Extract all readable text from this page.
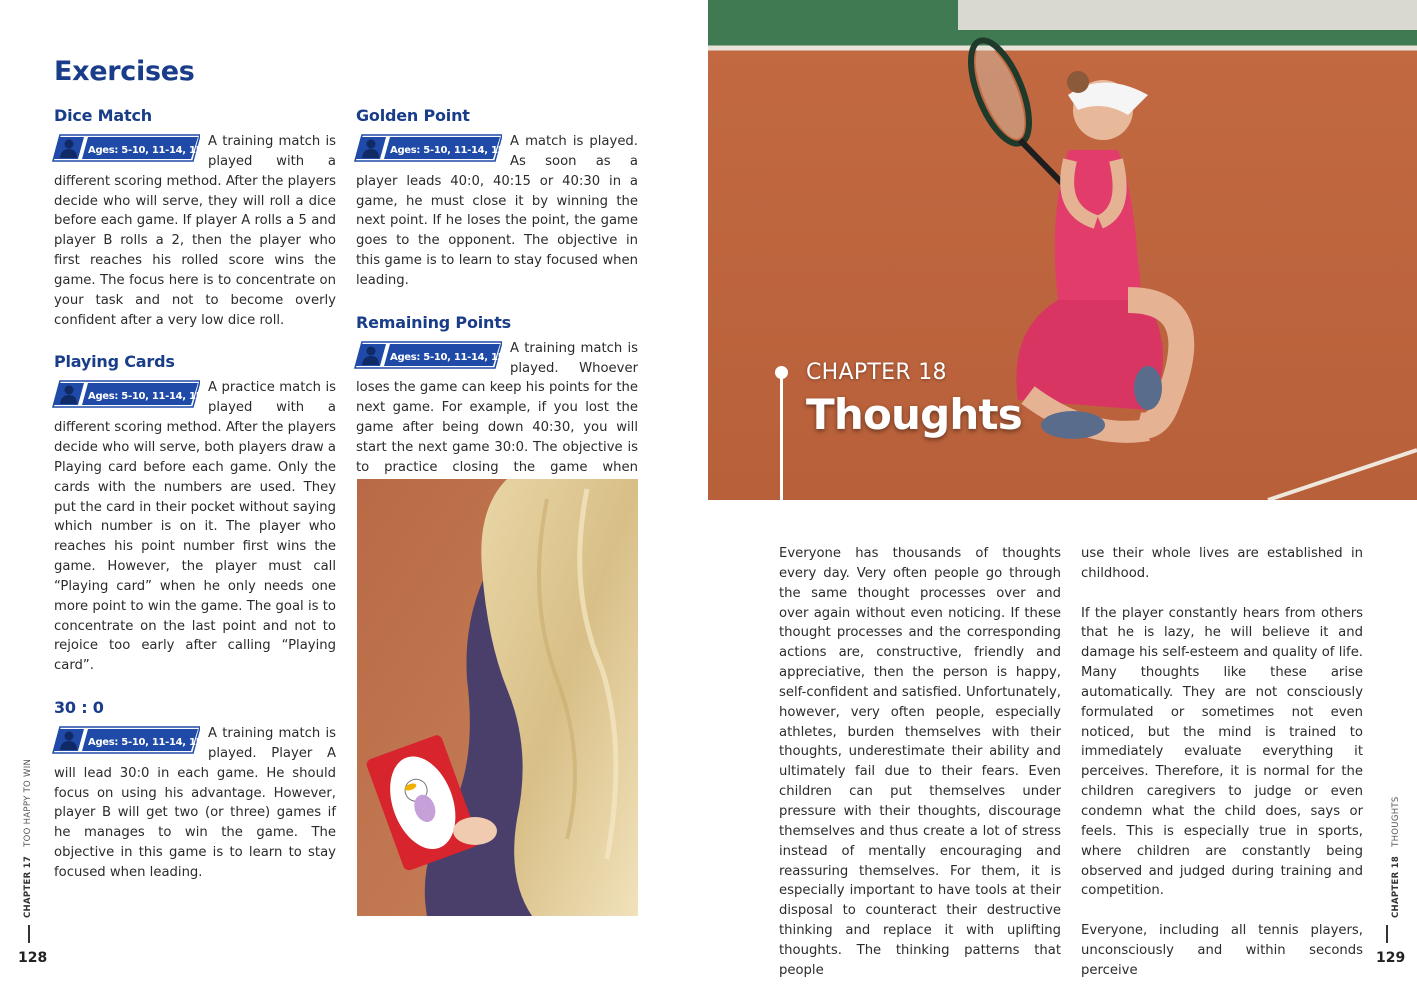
Exercises
Dice Match
Ages: 5-10, 11-14, 15-18
A training match is played with a different scoring method. After the players decide who will serve, they will roll a dice before each game. If player A rolls a 5 and player B rolls a 2, then the player who first reaches his rolled score wins the game. The focus here is to concentrate on your task and not to become overly confident after a very low dice roll.
Playing Cards
Ages: 5-10, 11-14, 15-18
A practice match is played with a different scoring method. After the players decide who will serve, both players draw a Playing card before each game. Only the cards with the numbers are used. They put the card in their pocket without saying which number is on it. The player who reaches his point number first wins the game. However, the player must call “Playing card” when he only needs one more point to win the game. The goal is to concentrate on the last point and not to rejoice too early after calling “Playing card”.
30 : 0
Ages: 5-10, 11-14, 15-18
A training match is played. Player A will lead 30:0 in each game. He should focus on using his advantage. However, player B will get two (or three) games if he manages to win the game. The objective in this game is to learn to stay focused when leading.
Golden Point
Ages: 5-10, 11-14, 15-18
A match is played. As soon as a player leads 40:0, 40:15 or 40:30 in a game, he must close it by winning the next point. If he loses the point, the game goes to the opponent. The objective in this game is to learn to stay focused when leading.
Remaining Points
Ages: 5-10, 11-14, 15-18
A training match is played. Whoever loses the game can keep his points for the next game. For example, if you lost the game after being down 40:30, you will start the next game 30:0. The objective is to practice closing the game when
CHAPTER 17   TOO HAPPY TO WIN
128
CHAPTER 18
Thoughts

Everyone has thousands of thoughts every day. Very often people go through the same thought processes over and over again without even noticing. If these thought processes and the corresponding actions are, constructive, friendly and appreciative, then the person is happy, self-confident and satisfied. Unfortunately, however, very often people, especially athletes, burden themselves with their thoughts, underestimate their ability and ultimately fail due to their fears. Even children can put themselves under pressure with their thoughts, discourage themselves and thus create a lot of stress instead of mentally encouraging and reassuring themselves. For them, it is especially important to have tools at their disposal to counteract their destructive thinking and replace it with uplifting thoughts. The thinking patterns that people

use their whole lives are established in childhood.

If the player constantly hears from others that he is lazy, he will believe it and damage his self-esteem and quality of life. Many thoughts like these arise automatically. They are not consciously formulated or sometimes not even noticed, but the mind is trained to immediately evaluate everything it perceives. Therefore, it is normal for the children caregivers to judge or even condemn what the child does, says or feels. This is especially true in sports, where children are constantly being observed and judged during training and competition.

Everyone, including all tennis players, unconsciously and within seconds perceive

CHAPTER 18   THOUGHTS
129
